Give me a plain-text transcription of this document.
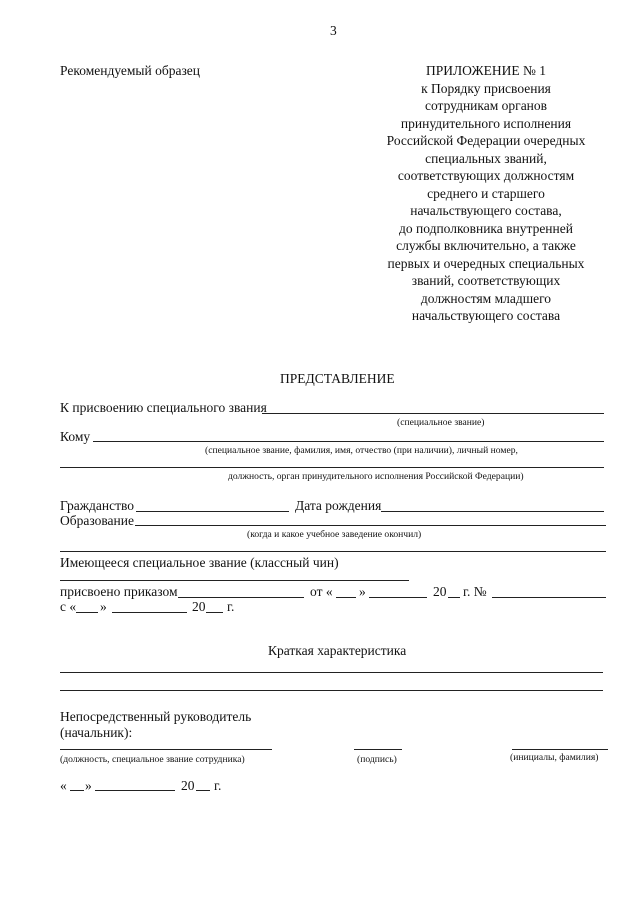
3
Рекомендуемый образец	ПРИЛОЖЕНИЕ № 1
к Порядку присвоения
сотрудникам органов
принудительного исполнения
Российской Федерации очередных
специальных званий,
соответствующих должностям
среднего и старшего
начальствующего состава,
до подполковника внутренней
службы включительно, а также
первых и очередных специальных
званий, соответствующих
должностям младшего
начальствующего состава
ПРЕДСТАВЛЕНИЕ
К присвоению специального звания
(специальное звание)
Кому
(специальное звание, фамилия, имя, отчество (при наличии), личный номер,
должность, орган принудительного исполнения Российской Федерации)
Гражданство	Дата рождения
Образование
(когда и какое учебное заведение окончил)
Имеющееся специальное звание (классный чин)
присвоено приказом	от « »	20 г. №
с « »	20 г.
Краткая характеристика
Непосредственный руководитель
(начальник):
(должность, специальное звание сотрудника)	(подпись)	(инициалы, фамилия)
« »	20 г.
